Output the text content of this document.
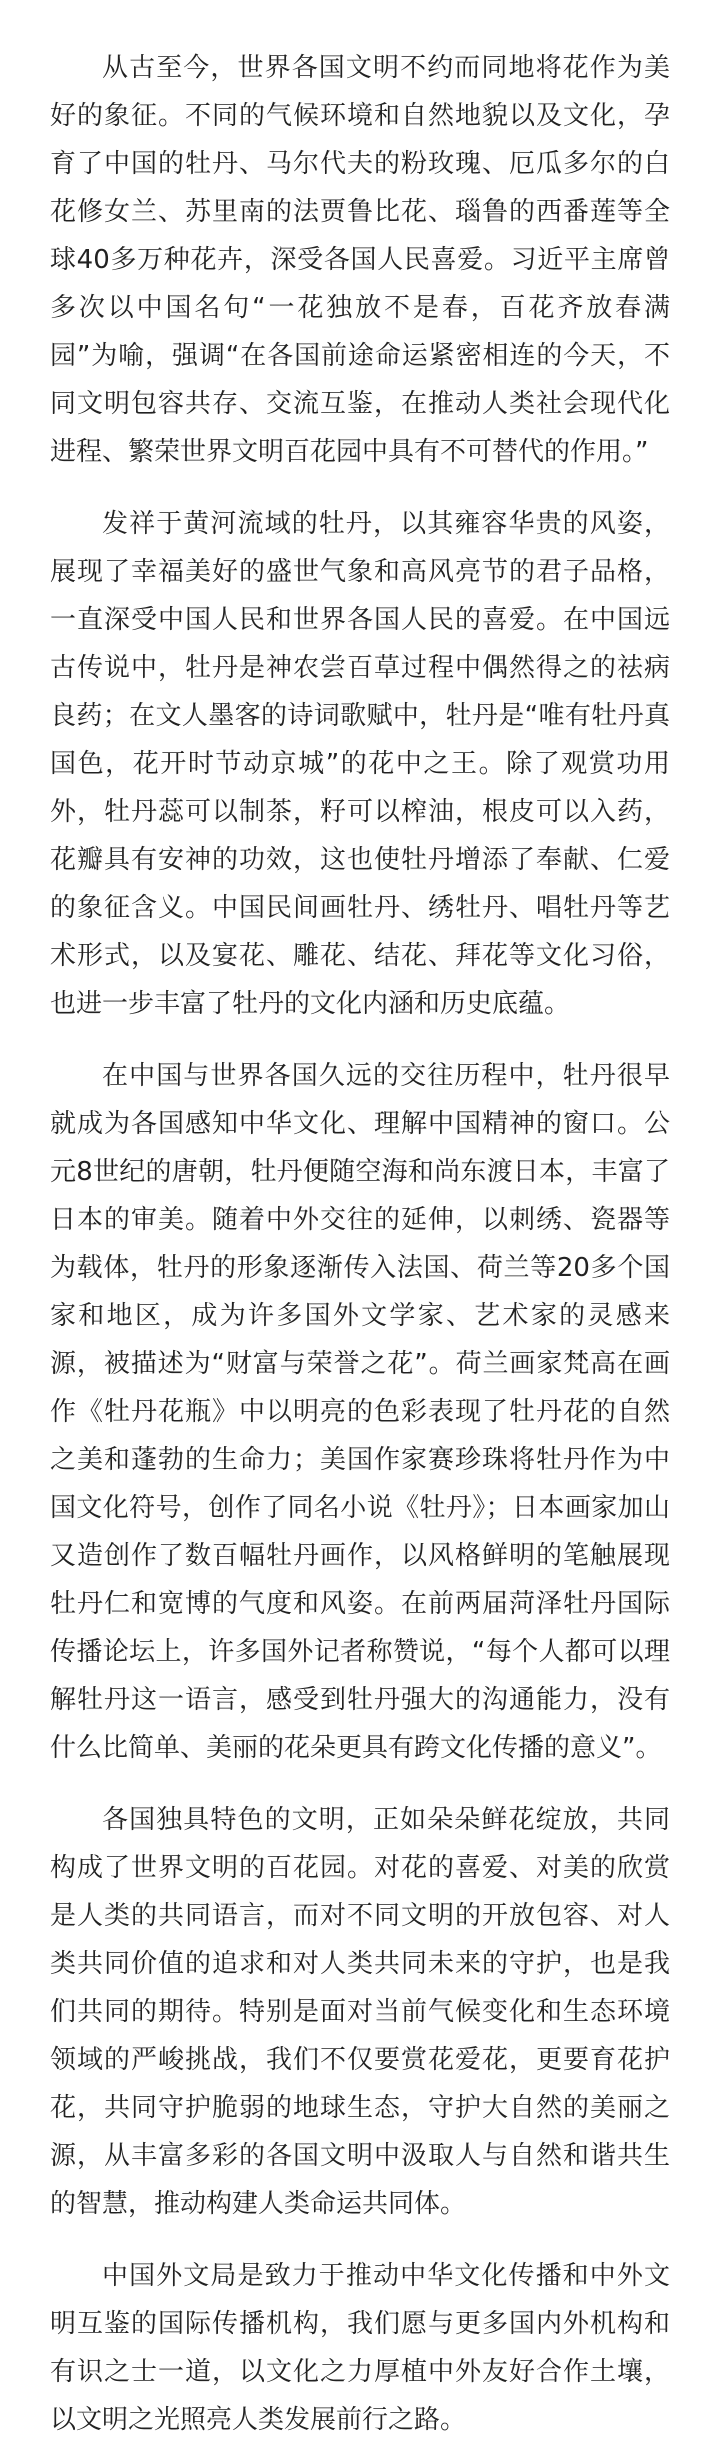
从古至今，世界各国文明不约而同地将花作为美好的象征。不同的气候环境和自然地貌以及文化，孕育了中国的牡丹、马尔代夫的粉玫瑰、厄瓜多尔的白花修女兰、苏里南的法贾鲁比花、瑙鲁的西番莲等全球40多万种花卉，深受各国人民喜爱。习近平主席曾多次以中国名句“一花独放不是春，百花齐放春满园”为喻，强调“在各国前途命运紧密相连的今天，不同文明包容共存、交流互鉴，在推动人类社会现代化进程、繁荣世界文明百花园中具有不可替代的作用。”

发祥于黄河流域的牡丹，以其雍容华贵的风姿，展现了幸福美好的盛世气象和高风亮节的君子品格，一直深受中国人民和世界各国人民的喜爱。在中国远古传说中，牡丹是神农尝百草过程中偶然得之的祛病良药；在文人墨客的诗词歌赋中，牡丹是“唯有牡丹真国色，花开时节动京城”的花中之王。除了观赏功用外，牡丹蕊可以制茶，籽可以榨油，根皮可以入药，花瓣具有安神的功效，这也使牡丹增添了奉献、仁爱的象征含义。中国民间画牡丹、绣牡丹、唱牡丹等艺术形式，以及宴花、雕花、结花、拜花等文化习俗，也进一步丰富了牡丹的文化内涵和历史底蕴。

在中国与世界各国久远的交往历程中，牡丹很早就成为各国感知中华文化、理解中国精神的窗口。公元8世纪的唐朝，牡丹便随空海和尚东渡日本，丰富了日本的审美。随着中外交往的延伸，以刺绣、瓷器等为载体，牡丹的形象逐渐传入法国、荷兰等20多个国家和地区，成为许多国外文学家、艺术家的灵感来源，被描述为“财富与荣誉之花”。荷兰画家梵高在画作《牡丹花瓶》中以明亮的色彩表现了牡丹花的自然之美和蓬勃的生命力；美国作家赛珍珠将牡丹作为中国文化符号，创作了同名小说《牡丹》；日本画家加山又造创作了数百幅牡丹画作，以风格鲜明的笔触展现牡丹仁和宽博的气度和风姿。在前两届菏泽牡丹国际传播论坛上，许多国外记者称赞说，“每个人都可以理解牡丹这一语言，感受到牡丹强大的沟通能力，没有什么比简单、美丽的花朵更具有跨文化传播的意义”。

各国独具特色的文明，正如朵朵鲜花绽放，共同构成了世界文明的百花园。对花的喜爱、对美的欣赏是人类的共同语言，而对不同文明的开放包容、对人类共同价值的追求和对人类共同未来的守护，也是我们共同的期待。特别是面对当前气候变化和生态环境领域的严峻挑战，我们不仅要赏花爱花，更要育花护花，共同守护脆弱的地球生态，守护大自然的美丽之源，从丰富多彩的各国文明中汲取人与自然和谐共生的智慧，推动构建人类命运共同体。

中国外文局是致力于推动中华文化传播和中外文明互鉴的国际传播机构，我们愿与更多国内外机构和有识之士一道，以文化之力厚植中外友好合作土壤，以文明之光照亮人类发展前行之路。
